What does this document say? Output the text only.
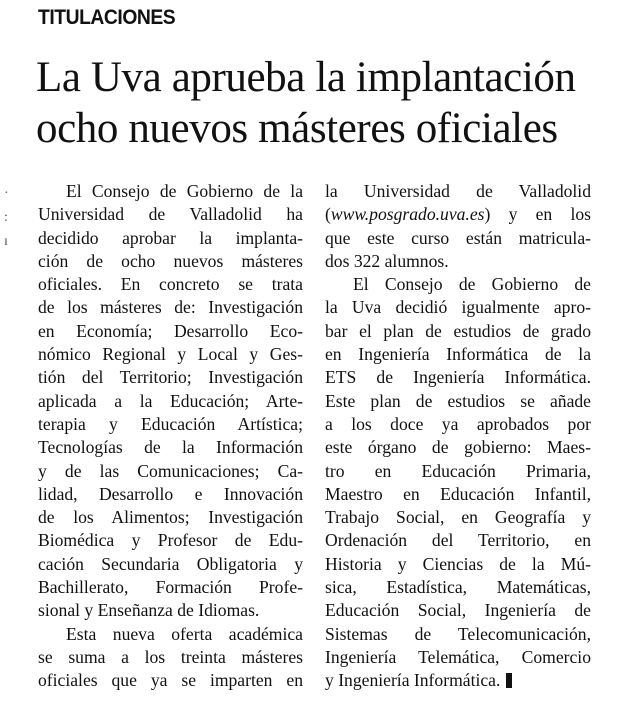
TITULACIONES
La Uva aprueba la implantación
ocho nuevos másteres oficiales
·
:
ı
El Consejo de Gobierno de la
Universidad de Valladolid ha
decidido aprobar la implanta-
ción de ocho nuevos másteres
oficiales. En concreto se trata
de los másteres de: Investigación
en Economía; Desarrollo Eco-
nómico Regional y Local y Ges-
tión del Territorio; Investigación
aplicada a la Educación; Arte-
terapia y Educación Artística;
Tecnologías de la Información
y de las Comunicaciones; Ca-
lidad, Desarrollo e Innovación
de los Alimentos; Investigación
Biomédica y Profesor de Edu-
cación Secundaria Obligatoria y
Bachillerato, Formación Profe-
sional y Enseñanza de Idiomas.
Esta nueva oferta académica
se suma a los treinta másteres
oficiales que ya se imparten en
la Universidad de Valladolid
(www.posgrado.uva.es) y en los
que este curso están matricula-
dos 322 alumnos.
El Consejo de Gobierno de
la Uva decidió igualmente apro-
bar el plan de estudios de grado
en Ingeniería Informática de la
ETS de Ingeniería Informática.
Este plan de estudios se añade
a los doce ya aprobados por
este órgano de gobierno: Maes-
tro en Educación Primaria,
Maestro en Educación Infantil,
Trabajo Social, en Geografía y
Ordenación del Territorio, en
Historia y Ciencias de la Mú-
sica, Estadística, Matemáticas,
Educación Social, Ingeniería de
Sistemas de Telecomunicación,
Ingeniería Telemática, Comercio
y Ingeniería Informática.
